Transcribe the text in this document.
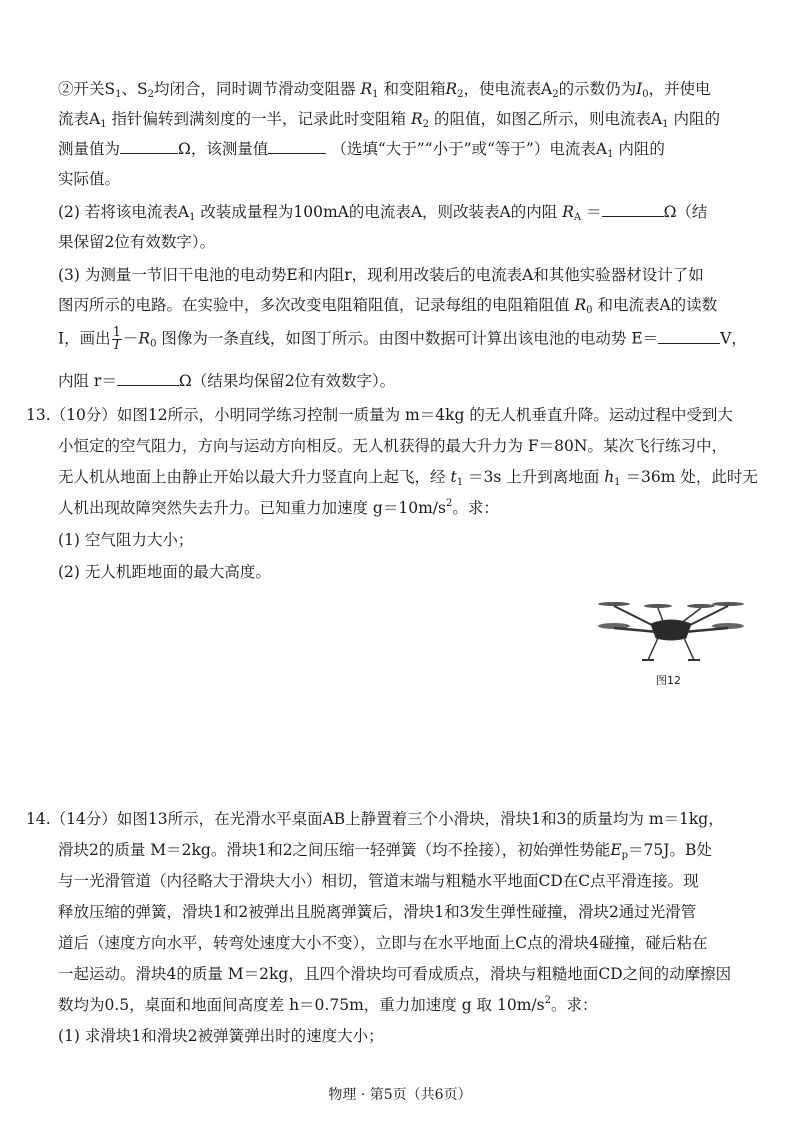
②开关$S_1$、$S_2$均闭合，同时调节滑动变阻器 $R_1$ 和变阻箱$R_2$，使电流表$A_2$的示数仍为$I_0$，并使电
流表$A_1$ 指针偏转到满刻度的一半，记录此时变阻箱 $R_2$ 的阻值，如图乙所示，则电流表$A_1$ 内阻的
测量值为	Ω，该测量值	（选填“大于”“小于”或“等于”）电流表$A_1$ 内阻的
实际值。
(2) 若将该电流表$A_1$ 改装成量程为100mA的电流表A，则改装表A的内阻 $R_A$ ＝	Ω（结
果保留2位有效数字）。
(3) 为测量一节旧干电池的电动势E和内阻r，现利用改装后的电流表A和其他实验器材设计了如
图丙所示的电路。在实验中，多次改变电阻箱阻值，记录每组的电阻箱阻值 $R_0$ 和电流表A的读数
I，画出 $\frac{1}{I} -R_0$ 图像为一条直线，如图丁所示。由图中数据可计算出该电池的电动势 E＝	V，
内阻 r＝	Ω（结果均保留2位有效数字）。
13.（10分）如图12所示，小明同学练习控制一质量为 m＝4kg 的无人机垂直升降。运动过程中受到大
小恒定的空气阻力，方向与运动方向相反。无人机获得的最大升力为 F＝80N。某次飞行练习中，
无人机从地面上由静止开始以最大升力竖直向上起飞，经 $t_1 =3s$ 上升到离地面 $h_1 =36m$ 处，此时无
人机出现故障突然失去升力。已知重力加速度 $g=10m/s^2$。求：
(1) 空气阻力大小；
(2) 无人机距地面的最大高度。
图12
14.（14分）如图13所示，在光滑水平桌面AB上静置着三个小滑块，滑块1和3的质量均为 m＝1kg，
滑块2的质量 M＝2kg。滑块1和2之间压缩一轻弹簧（均不拴接），初始弹性势能$E_p=75J$。B处
与一光滑管道（内径略大于滑块大小）相切，管道末端与粗糙水平地面CD在C点平滑连接。现
释放压缩的弹簧，滑块1和2被弹出且脱离弹簧后，滑块1和3发生弹性碰撞，滑块2通过光滑管
道后（速度方向水平，转弯处速度大小不变），立即与在水平地面上C点的滑块4碰撞，碰后粘在
一起运动。滑块4的质量 M＝2kg，且四个滑块均可看成质点，滑块与粗糙地面CD之间的动摩擦因
数均为0.5，桌面和地面间高度差 h＝0.75m，重力加速度 g 取 $10m/s^2$。求：
(1) 求滑块1和滑块2被弹簧弹出时的速度大小；
物理 · 第5页（共6页）
